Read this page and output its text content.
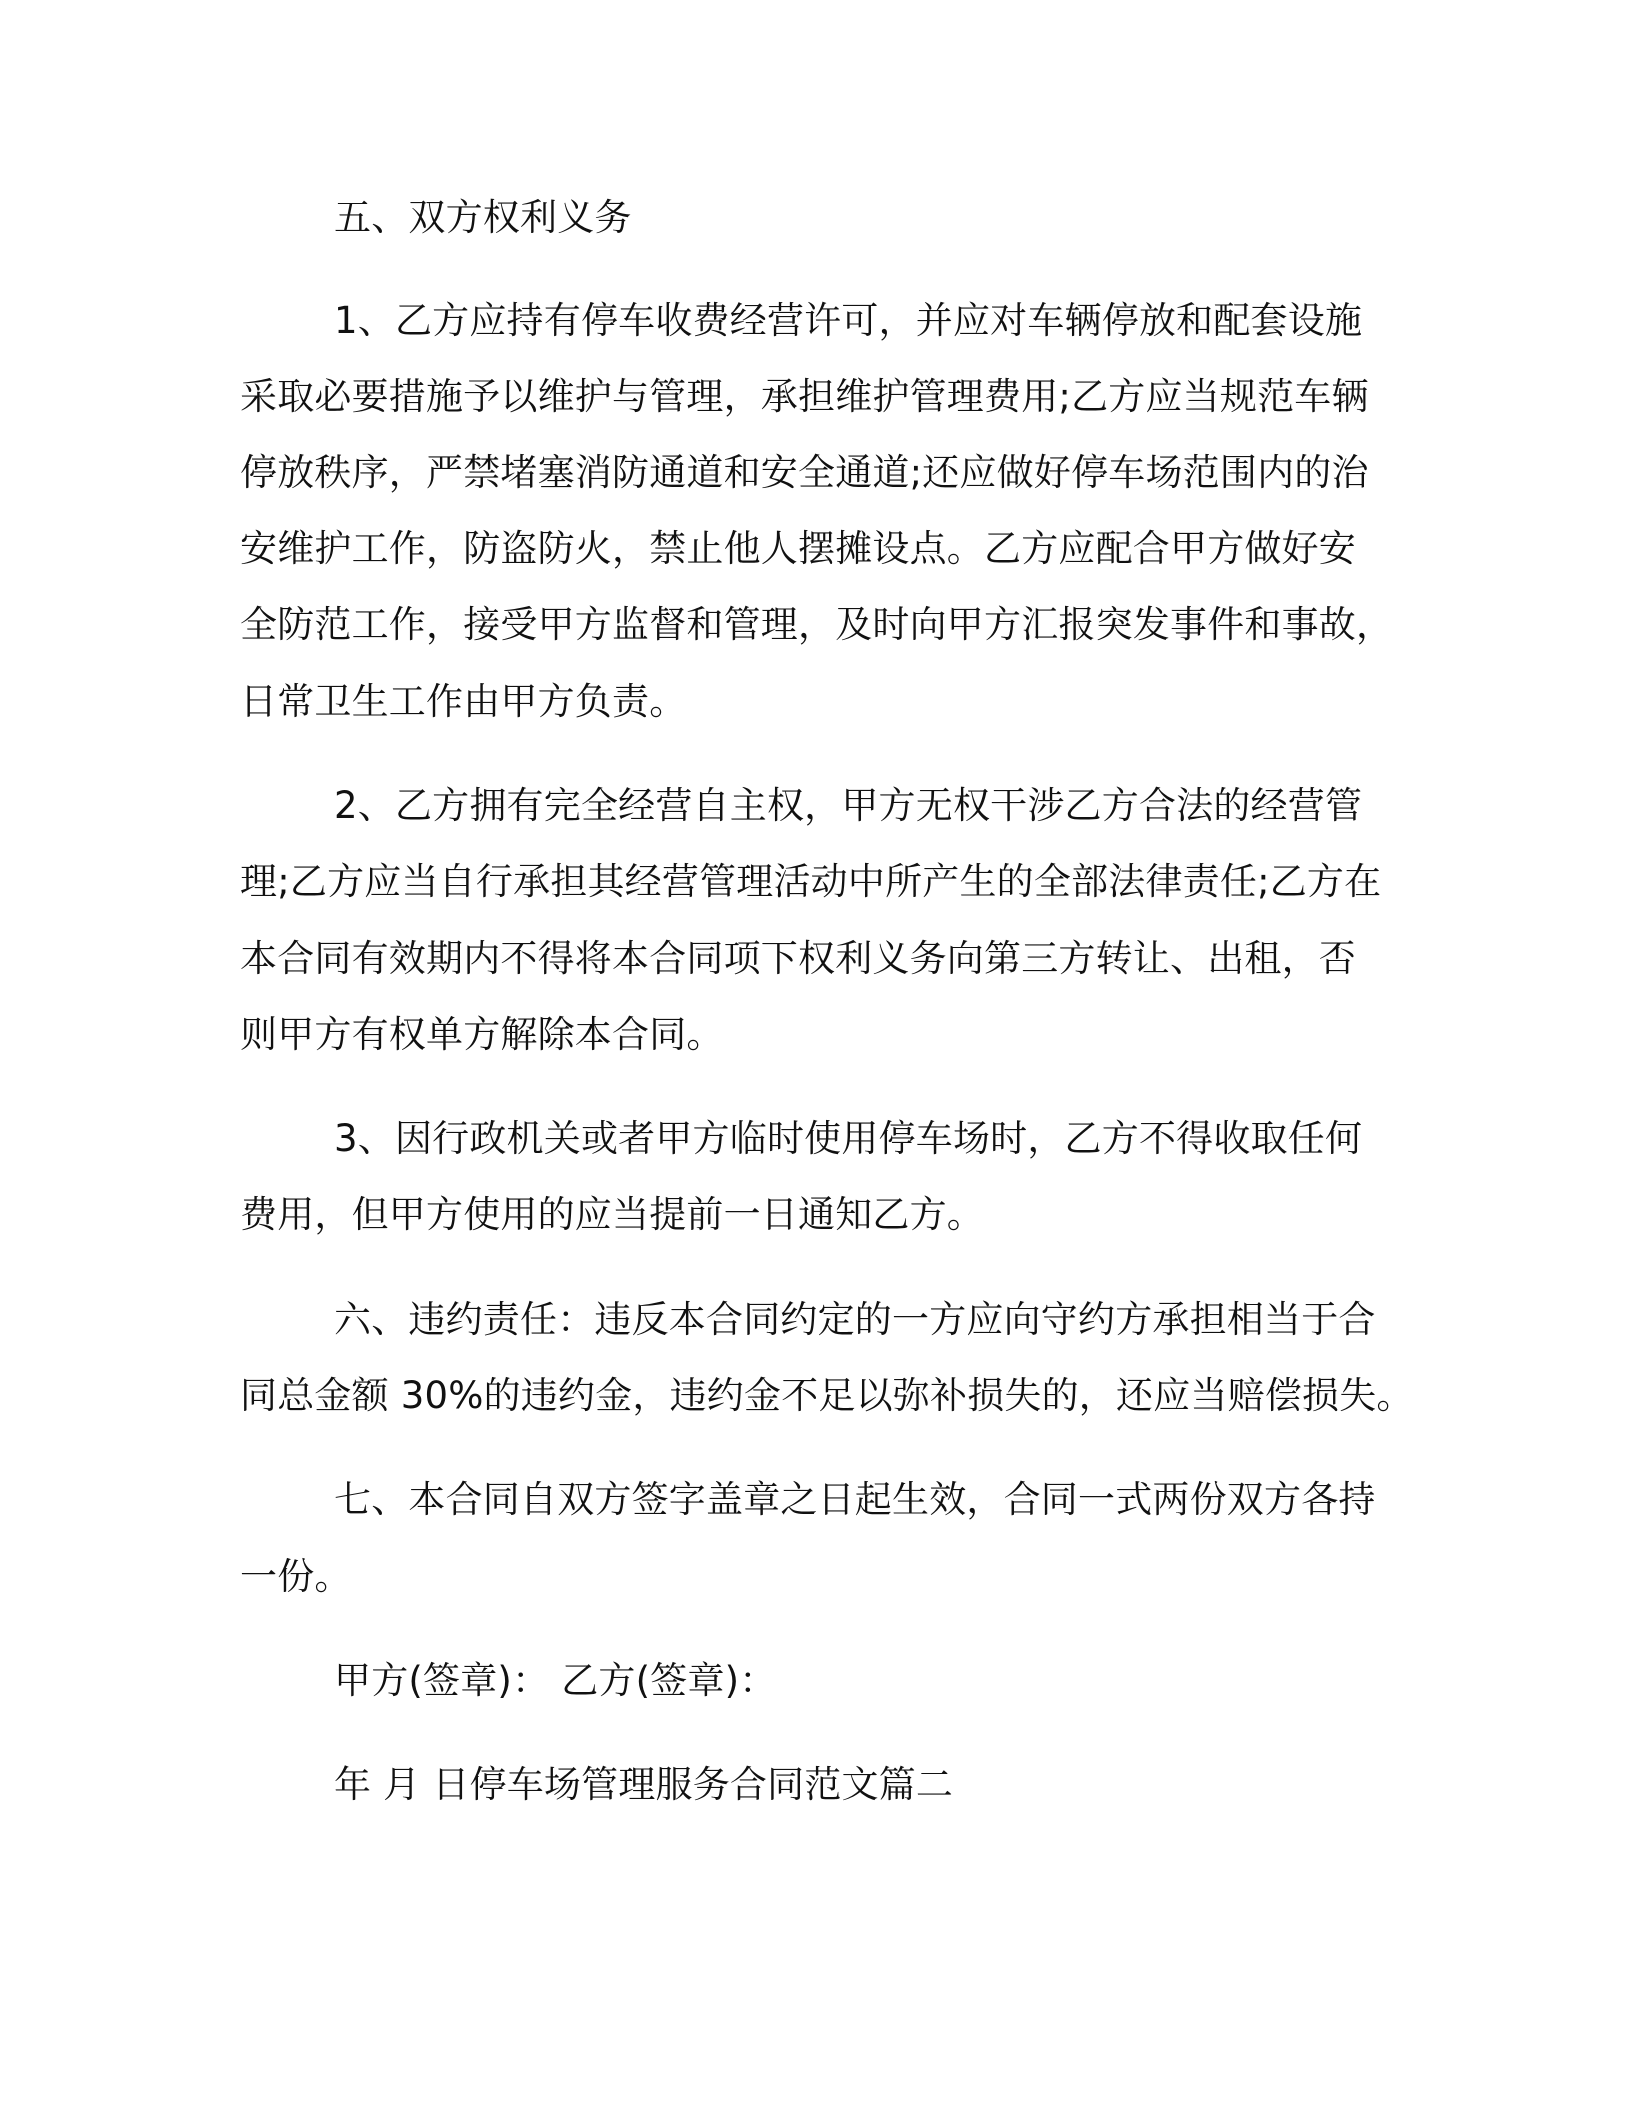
五、双方权利义务
1、乙方应持有停车收费经营许可，并应对车辆停放和配套设施
采取必要措施予以维护与管理，承担维护管理费用;乙方应当规范车辆
停放秩序，严禁堵塞消防通道和安全通道;还应做好停车场范围内的治
安维护工作，防盗防火，禁止他人摆摊设点。乙方应配合甲方做好安
全防范工作，接受甲方监督和管理，及时向甲方汇报突发事件和事故，
日常卫生工作由甲方负责。
2、乙方拥有完全经营自主权，甲方无权干涉乙方合法的经营管
理;乙方应当自行承担其经营管理活动中所产生的全部法律责任;乙方在
本合同有效期内不得将本合同项下权利义务向第三方转让、出租，否
则甲方有权单方解除本合同。
3、因行政机关或者甲方临时使用停车场时，乙方不得收取任何
费用，但甲方使用的应当提前一日通知乙方。
六、违约责任：违反本合同约定的一方应向守约方承担相当于合
同总金额 30%的违约金，违约金不足以弥补损失的，还应当赔偿损失。
七、本合同自双方签字盖章之日起生效，合同一式两份双方各持
一份。
甲方(签章)： 乙方(签章)：
年 月 日停车场管理服务合同范文篇二
